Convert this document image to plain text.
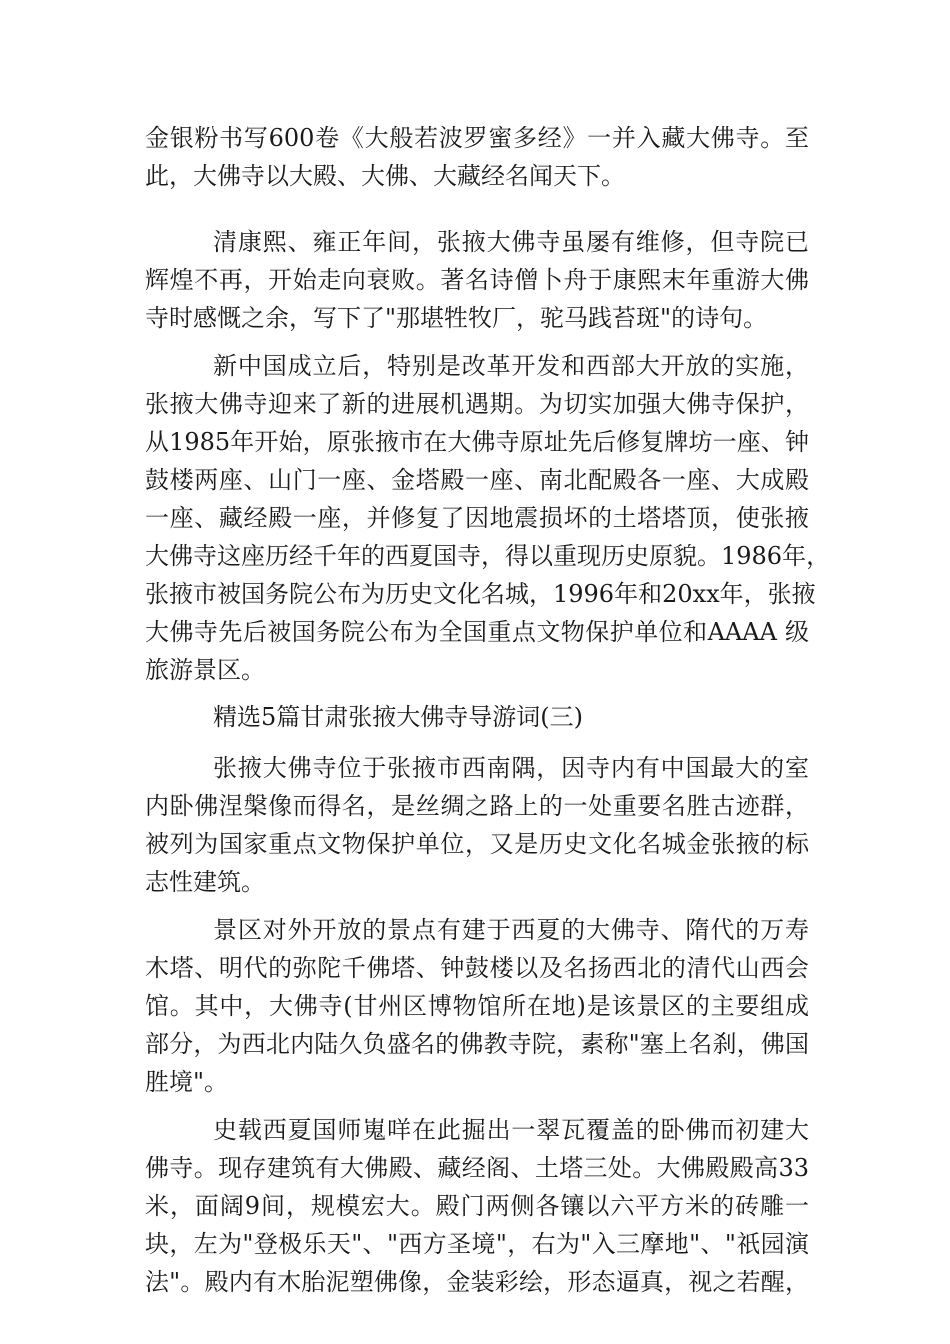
金银粉书写600卷《大般若波罗蜜多经》一并入藏大佛寺。至
此，大佛寺以大殿、大佛、大藏经名闻天下。
清康熙、雍正年间，张掖大佛寺虽屡有维修，但寺院已
辉煌不再，开始走向衰败。著名诗僧卜舟于康熙末年重游大佛
寺时感慨之余，写下了"那堪牲牧厂，驼马践苔斑"的诗句。
新中国成立后，特别是改革开发和西部大开放的实施，
张掖大佛寺迎来了新的进展机遇期。为切实加强大佛寺保护，
从1985年开始，原张掖市在大佛寺原址先后修复牌坊一座、钟
鼓楼两座、山门一座、金塔殿一座、南北配殿各一座、大成殿
一座、藏经殿一座，并修复了因地震损坏的土塔塔顶，使张掖
大佛寺这座历经千年的西夏国寺，得以重现历史原貌。1986年，
张掖市被国务院公布为历史文化名城，1996年和20xx年，张掖
大佛寺先后被国务院公布为全国重点文物保护单位和AAAA 级
旅游景区。
精选5篇甘肃张掖大佛寺导游词(三)
张掖大佛寺位于张掖市西南隅，因寺内有中国最大的室
内卧佛涅槃像而得名，是丝绸之路上的一处重要名胜古迹群，
被列为国家重点文物保护单位，又是历史文化名城金张掖的标
志性建筑。
景区对外开放的景点有建于西夏的大佛寺、隋代的万寿
木塔、明代的弥陀千佛塔、钟鼓楼以及名扬西北的清代山西会
馆。其中，大佛寺(甘州区博物馆所在地)是该景区的主要组成
部分，为西北内陆久负盛名的佛教寺院，素称"塞上名刹，佛国
胜境"。
史载西夏国师嵬咩在此掘出一翠瓦覆盖的卧佛而初建大
佛寺。现存建筑有大佛殿、藏经阁、土塔三处。大佛殿殿高33
米，面阔9间，规模宏大。殿门两侧各镶以六平方米的砖雕一
块，左为"登极乐天"、"西方圣境"，右为"入三摩地"、"祇园演
法"。殿内有木胎泥塑佛像，金装彩绘，形态逼真，视之若醒，
